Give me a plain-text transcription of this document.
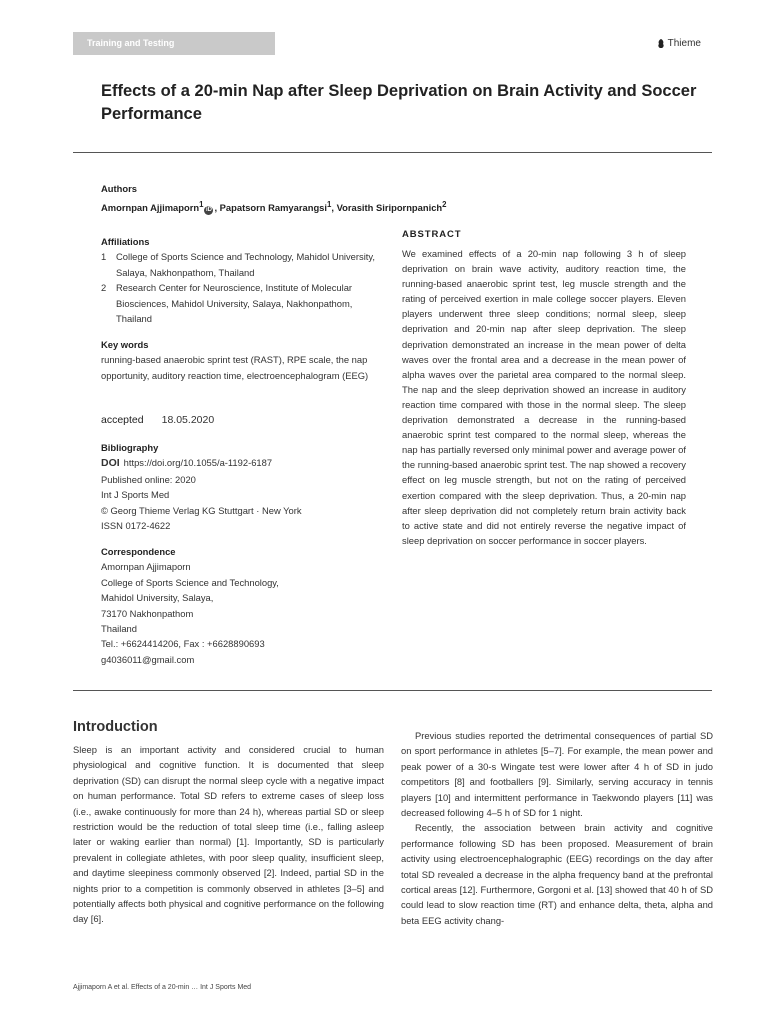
Training and Testing	Thieme
Effects of a 20-min Nap after Sleep Deprivation on Brain Activity and Soccer Performance
Authors
Amornpan Ajjimaporn$^1$iD , Papatsorn Ramyarangsi$^1$, Vorasith Siripornpanich$^2$
Affiliations
1	College of Sports Science and Technology, Mahidol University, Salaya, Nakhonpathom, Thailand
2	Research Center for Neuroscience, Institute of Molecular Biosciences, Mahidol University, Salaya, Nakhonpathom, Thailand
Key words
running-based anaerobic sprint test (RAST), RPE scale, the nap opportunity, auditory reaction time, electroencephalogram (EEG)
accepted 18.05.2020
Bibliography
DOI https://doi.org/10.1055/a-1192-6187
Published online: 2020
Int J Sports Med
© Georg Thieme Verlag KG Stuttgart · New York
ISSN 0172-4622
Correspondence
Amornpan Ajjimaporn
College of Sports Science and Technology,
Mahidol University, Salaya,
73170 Nakhonpathom
Thailand
Tel.: +6624414206, Fax : +6628890693
g4036011@gmail.com
ABSTRACT
We examined effects of a 20-min nap following 3 h of sleep deprivation on brain wave activity, auditory reaction time, the running-based anaerobic sprint test, leg muscle strength and the rating of perceived exertion in male college soccer players. Eleven players underwent three sleep conditions; normal sleep, sleep deprivation and 20-min nap after sleep deprivation. The sleep deprivation demonstrated an increase in the mean power of delta waves over the frontal area and a decrease in the mean power of alpha waves over the parietal area compared to the normal sleep. The nap and the sleep deprivation showed an increase in auditory reaction time compared with those in the normal sleep. The sleep deprivation demonstrated a decrease in the running-based anaerobic sprint test compared to the normal sleep, whereas the nap has partially reversed only minimal power and average power of the running-based anaerobic sprint test. The nap showed a recovery effect on leg muscle strength, but not on the rating of perceived exertion compared with the sleep deprivation. Thus, a 20-min nap after sleep deprivation did not completely return brain activity back to active state and did not entirely reverse the negative impact of sleep deprivation on soccer performance in soccer players.
Introduction

Sleep is an important activity and considered crucial to human physiological and cognitive function. It is documented that sleep deprivation (SD) can disrupt the normal sleep cycle with a negative impact on human performance. Total SD refers to extreme cases of sleep loss (i.e., awake continuously for more than 24 h), whereas partial SD or sleep restriction would be the reduction of total sleep time (i.e., falling asleep later or waking earlier than normal) [1]. Importantly, SD is particularly prevalent in collegiate athletes, with poor sleep quality, insufficient sleep, and daytime sleepiness commonly observed [2]. Indeed, partial SD in the nights prior to a competition is commonly observed in athletes [3–5] and potentially affects both physical and cognitive performance on the following day [6].

Previous studies reported the detrimental consequences of partial SD on sport performance in athletes [5–7]. For example, the mean power and peak power of a 30-s Wingate test were lower after 4 h of SD in judo competitors [8] and footballers [9]. Similarly, serving accuracy in tennis players [10] and intermittent performance in Taekwondo players [11] was decreased following 4–5 h of SD for 1 night.

Recently, the association between brain activity and cognitive performance following SD has been proposed. Measurement of brain activity using electroencephalographic (EEG) recordings on the day after total SD revealed a decrease in the alpha frequency band at the prefrontal cortical areas [12]. Furthermore, Gorgoni et al. [13] showed that 40 h of SD could lead to slow reaction time (RT) and enhance delta, theta, alpha and beta EEG activity chang-

Ajjimaporn A et al. Effects of a 20-min … Int J Sports Med
